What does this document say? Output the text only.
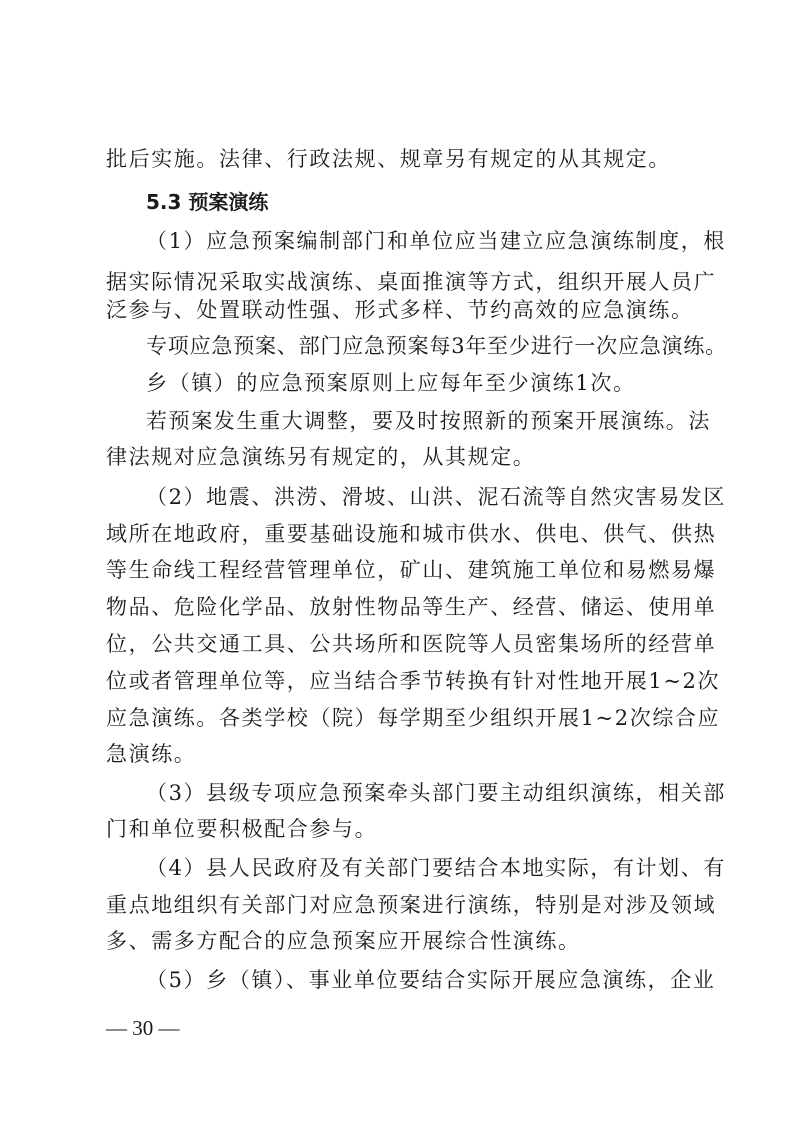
批后实施。法律、行政法规、规章另有规定的从其规定。
5.3 预案演练
（1）应急预案编制部门和单位应当建立应急演练制度，根
据实际情况采取实战演练、桌面推演等方式，组织开展人员广
泛参与、处置联动性强、形式多样、节约高效的应急演练。
专项应急预案、部门应急预案每3年至少进行一次应急演练。
乡（镇）的应急预案原则上应每年至少演练1次。
若预案发生重大调整，要及时按照新的预案开展演练。法
律法规对应急演练另有规定的，从其规定。
（2）地震、洪涝、滑坡、山洪、泥石流等自然灾害易发区
域所在地政府，重要基础设施和城市供水、供电、供气、供热
等生命线工程经营管理单位，矿山、建筑施工单位和易燃易爆
物品、危险化学品、放射性物品等生产、经营、储运、使用单
位，公共交通工具、公共场所和医院等人员密集场所的经营单
位或者管理单位等，应当结合季节转换有针对性地开展1~2次
应急演练。各类学校（院）每学期至少组织开展1~2次综合应
急演练。
（3）县级专项应急预案牵头部门要主动组织演练，相关部
门和单位要积极配合参与。
（4）县人民政府及有关部门要结合本地实际，有计划、有
重点地组织有关部门对应急预案进行演练，特别是对涉及领域
多、需多方配合的应急预案应开展综合性演练。
（5）乡（镇）、事业单位要结合实际开展应急演练，企业
— 30 —
